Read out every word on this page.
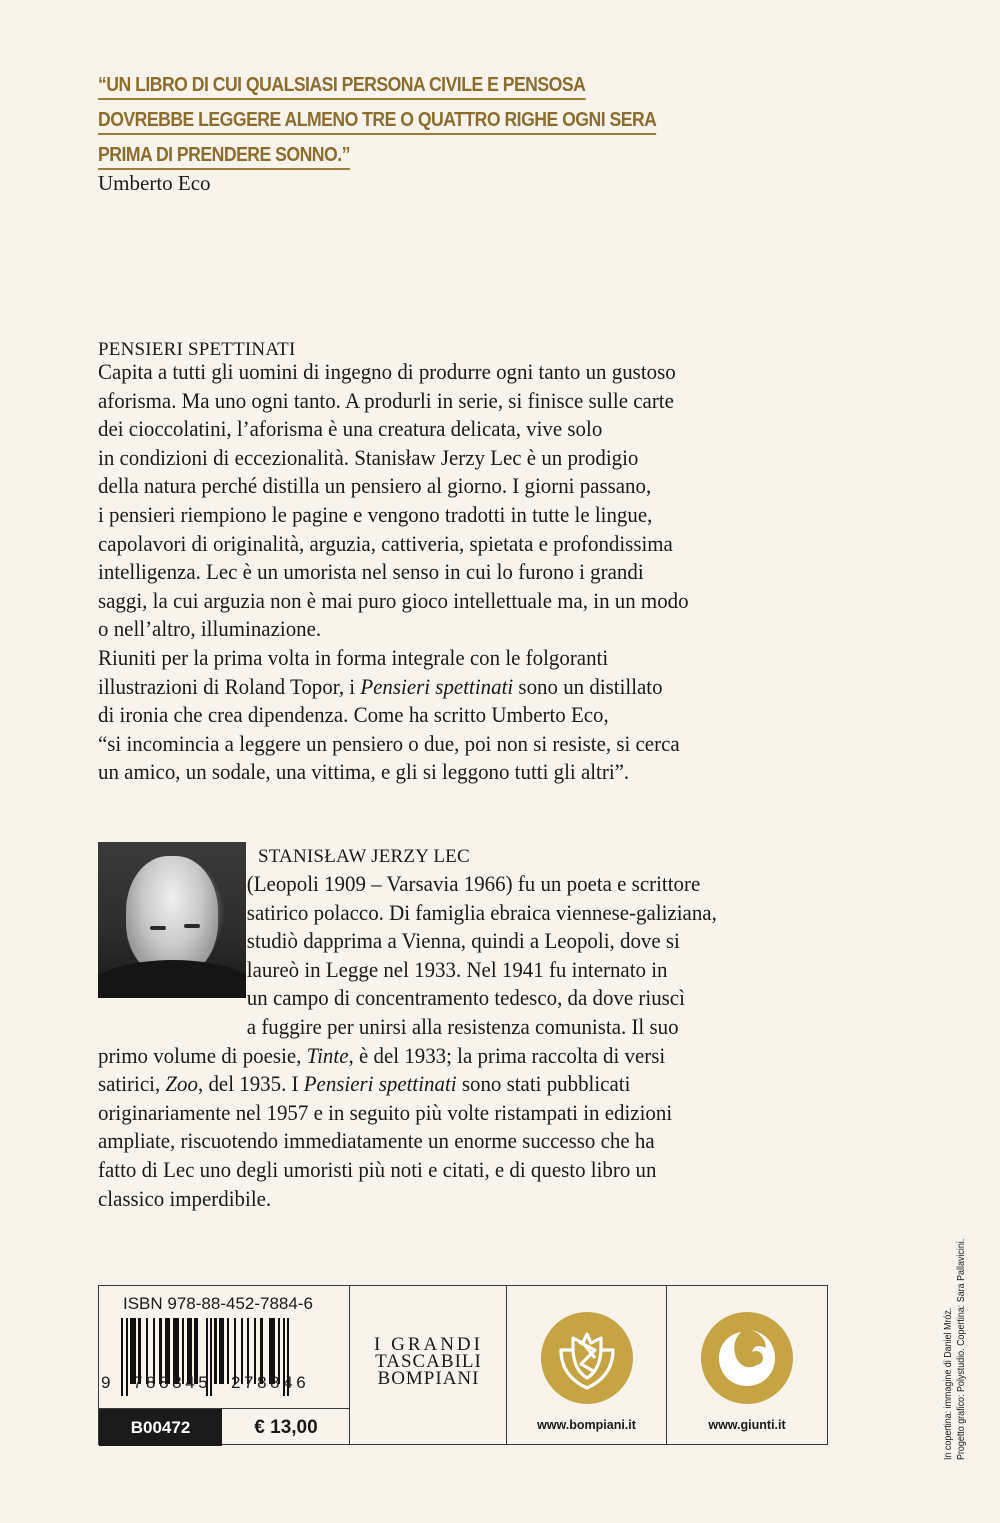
“UN LIBRO DI CUI QUALSIASI PERSONA CIVILE E PENSOSA
DOVREBBE LEGGERE ALMENO TRE O QUATTRO RIGHE OGNI SERA
PRIMA DI PRENDERE SONNO.”
Umberto Eco
PENSIERI SPETTINATI
Capita a tutti gli uomini di ingegno di produrre ogni tanto un gustoso
aforisma. Ma uno ogni tanto. A produrli in serie, si finisce sulle carte
dei cioccolatini, l’aforisma è una creatura delicata, vive solo
in condizioni di eccezionalità. Stanisław Jerzy Lec è un prodigio
della natura perché distilla un pensiero al giorno. I giorni passano,
i pensieri riempiono le pagine e vengono tradotti in tutte le lingue,
capolavori di originalità, arguzia, cattiveria, spietata e profondissima
intelligenza. Lec è un umorista nel senso in cui lo furono i grandi
saggi, la cui arguzia non è mai puro gioco intellettuale ma, in un modo
o nell’altro, illuminazione.
Riuniti per la prima volta in forma integrale con le folgoranti
illustrazioni di Roland Topor, i Pensieri spettinati sono un distillato
di ironia che crea dipendenza. Come ha scritto Umberto Eco,
“si incomincia a leggere un pensiero o due, poi non si resiste, si cerca
un amico, un sodale, una vittima, e gli si leggono tutti gli altri”.
STANISŁAW JERZY LEC
(Leopoli 1909 – Varsavia 1966) fu un poeta e scrittore
satirico polacco. Di famiglia ebraica viennese-galiziana,
studiò dapprima a Vienna, quindi a Leopoli, dove si
laureò in Legge nel 1933. Nel 1941 fu internato in
un campo di concentramento tedesco, da dove riuscì
a fuggire per unirsi alla resistenza comunista. Il suo
primo volume di poesie, Tinte, è del 1933; la prima raccolta di versi
satirici, Zoo, del 1935. I Pensieri spettinati sono stati pubblicati
originariamente nel 1957 e in seguito più volte ristampati in edizioni
ampliate, riscuotendo immediatamente un enorme successo che ha
fatto di Lec uno degli umoristi più noti e citati, e di questo libro un
classico imperdibile.
ISBN 978-88-452-7884-6
9 788845 278846
B00472	€ 13,00
I GRANDI
TASCABILI
BOMPIANI
www.bompiani.it	www.giunti.it	In copertina: immagine di Daniel Mróz. Progetto grafico: Polystudio. Copertina: Sara Pallavicini.
